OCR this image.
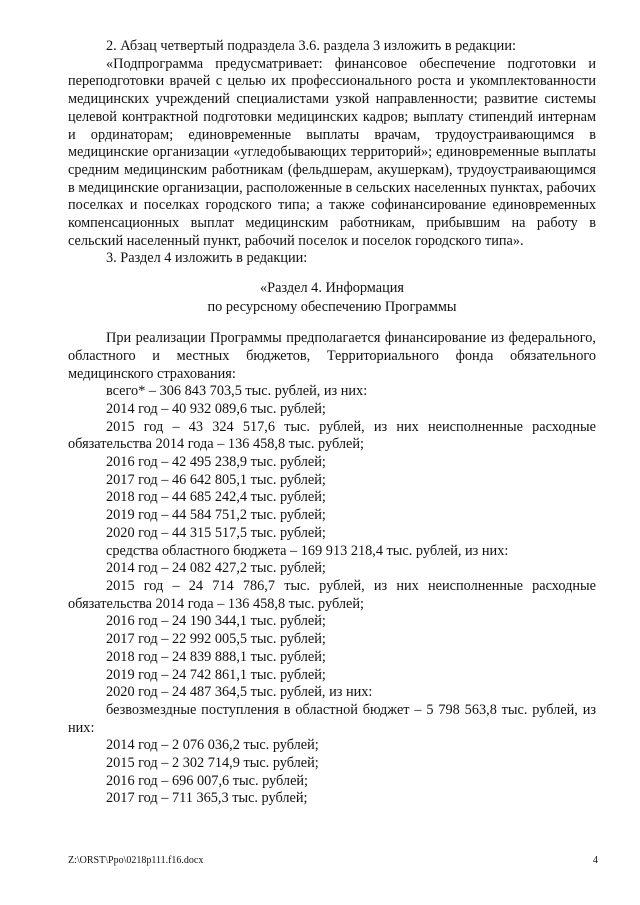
2. Абзац четвертый подраздела 3.6. раздела 3 изложить в редакции:

«Подпрограмма предусматривает: финансовое обеспечение подготовки и переподготовки врачей с целью их профессионального роста и укомплектованности медицинских учреждений специалистами узкой направленности; развитие системы целевой контрактной подготовки медицинских кадров; выплату стипендий интернам и ординаторам; единовременные выплаты врачам, трудоустраивающимся в медицинские организации «угледобывающих территорий»; единовременные выплаты средним медицинским работникам (фельдшерам, акушеркам), трудоустраивающимся в медицинские организации, расположенные в сельских населенных пунктах, рабочих поселках и поселках городского типа; а также софинансирование единовременных компенсационных выплат медицинским работникам, прибывшим на работу в сельский населенный пункт, рабочий поселок и поселок городского типа».

3. Раздел 4 изложить в редакции:

«Раздел 4. Информация

по ресурсному обеспечению Программы

При реализации Программы предполагается финансирование из федерального, областного и местных бюджетов, Территориального фонда обязательного медицинского страхования:

всего* – 306 843 703,5 тыс. рублей, из них:

2014 год – 40 932 089,6 тыс. рублей;

2015 год – 43 324 517,6 тыс. рублей, из них неисполненные расходные обязательства 2014 года – 136 458,8 тыс. рублей;

2016 год – 42 495 238,9 тыс. рублей;

2017 год – 46 642 805,1 тыс. рублей;

2018 год – 44 685 242,4 тыс. рублей;

2019 год – 44 584 751,2 тыс. рублей;

2020 год – 44 315 517,5 тыс. рублей;

средства областного бюджета – 169 913 218,4 тыс. рублей, из них:

2014 год – 24 082 427,2 тыс. рублей;

2015 год – 24 714 786,7 тыс. рублей, из них неисполненные расходные обязательства 2014 года – 136 458,8 тыс. рублей;

2016 год – 24 190 344,1 тыс. рублей;

2017 год – 22 992 005,5 тыс. рублей;

2018 год – 24 839 888,1 тыс. рублей;

2019 год – 24 742 861,1 тыс. рублей;

2020 год – 24 487 364,5 тыс. рублей, из них:

безвозмездные поступления в областной бюджет – 5 798 563,8 тыс. рублей, из них:

2014 год – 2 076 036,2 тыс. рублей;

2015 год – 2 302 714,9 тыс. рублей;

2016 год – 696 007,6 тыс. рублей;

2017 год – 711 365,3 тыс. рублей;

Z:\ORST\Ppo\0218p111.f16.docx	4
